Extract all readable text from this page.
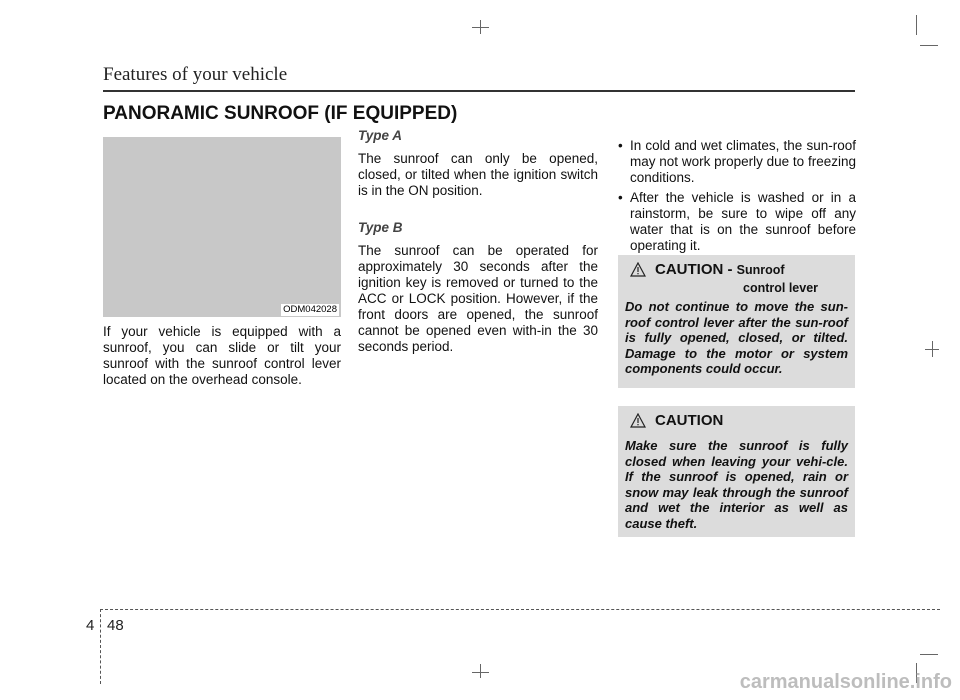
Features of your vehicle
PANORAMIC SUNROOF (IF EQUIPPED)
ODM042028
If your vehicle is equipped with a sunroof, you can slide or tilt your sunroof with the sunroof control lever located on the overhead console.
Type A
The sunroof can only be opened, closed, or tilted when the ignition switch is in the ON position.
Type B
The sunroof can be operated for approximately 30 seconds after the ignition key is removed or turned to the ACC or LOCK position. However, if the front doors are opened, the sunroof cannot be opened even with-in the 30 seconds period.
• In cold and wet climates, the sun-roof may not work properly due to freezing conditions.
• After the vehicle is washed or in a rainstorm, be sure to wipe off any water that is on the sunroof before operating it.
CAUTION - Sunroof
control lever
Do not continue to move the sun-roof control lever after the sun-roof is fully opened, closed, or tilted. Damage to the motor or system components could occur.
CAUTION
Make sure the sunroof is fully closed when leaving your vehi-cle. If the sunroof is opened, rain or snow may leak through the sunroof and wet the interior as well as cause theft.
4 48
carmanualsonline.info
